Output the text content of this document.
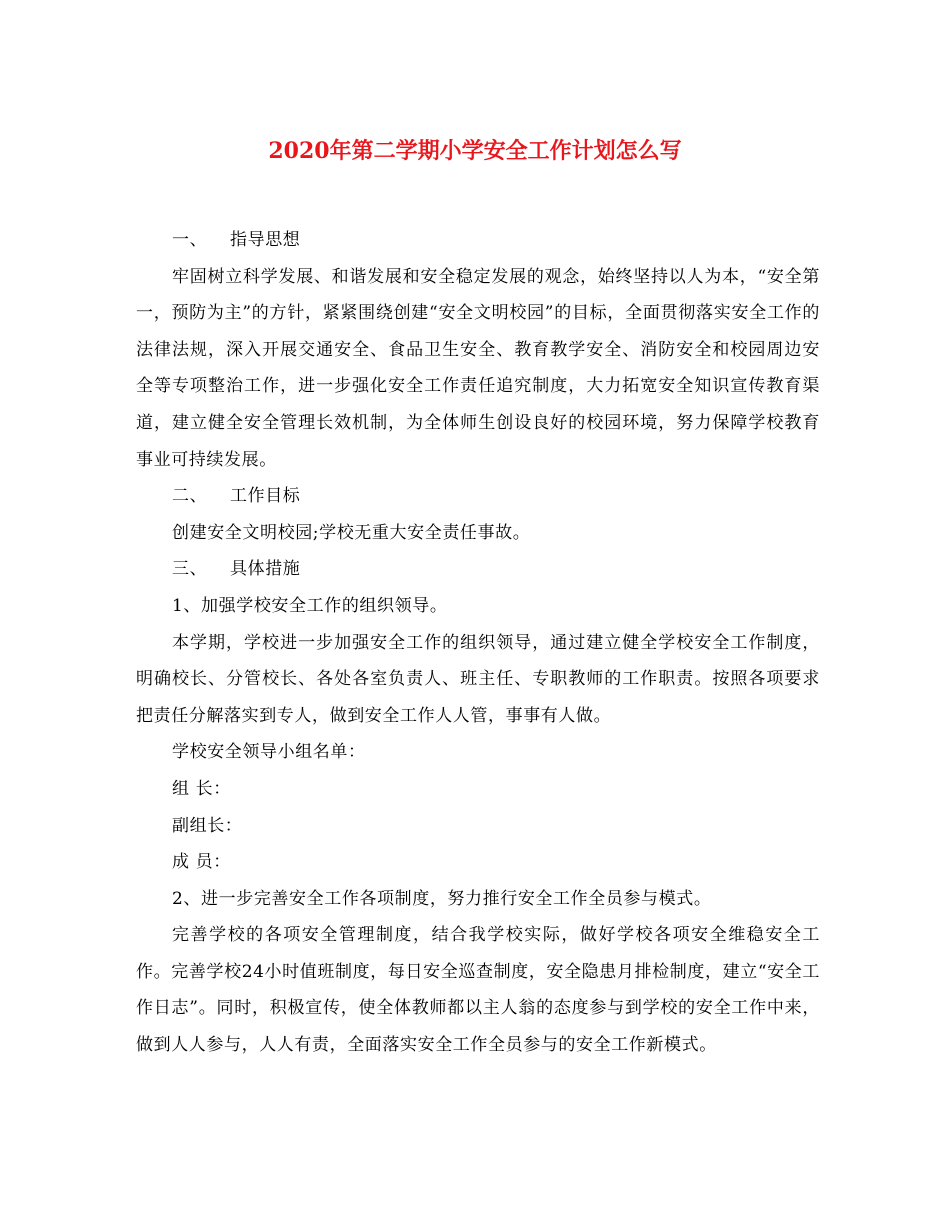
2020年第二学期小学安全工作计划怎么写

一、 指导思想

牢固树立科学发展、和谐发展和安全稳定发展的观念，始终坚持以人为本，“安全第一，预防为主”的方针，紧紧围绕创建“安全文明校园”的目标，全面贯彻落实安全工作的法律法规，深入开展交通安全、食品卫生安全、教育教学安全、消防安全和校园周边安全等专项整治工作，进一步强化安全工作责任追究制度，大力拓宽安全知识宣传教育渠道，建立健全安全管理长效机制，为全体师生创设良好的校园环境，努力保障学校教育事业可持续发展。

二、 工作目标

创建安全文明校园;学校无重大安全责任事故。

三、 具体措施

1、加强学校安全工作的组织领导。

本学期，学校进一步加强安全工作的组织领导，通过建立健全学校安全工作制度，明确校长、分管校长、各处各室负责人、班主任、专职教师的工作职责。按照各项要求把责任分解落实到专人，做到安全工作人人管，事事有人做。

学校安全领导小组名单：

组 长：

副组长：

成 员：

2、进一步完善安全工作各项制度，努力推行安全工作全员参与模式。

完善学校的各项安全管理制度，结合我学校实际，做好学校各项安全维稳安全工作。完善学校24小时值班制度，每日安全巡查制度，安全隐患月排检制度，建立“安全工作日志”。同时，积极宣传，使全体教师都以主人翁的态度参与到学校的安全工作中来，做到人人参与，人人有责，全面落实安全工作全员参与的安全工作新模式。
